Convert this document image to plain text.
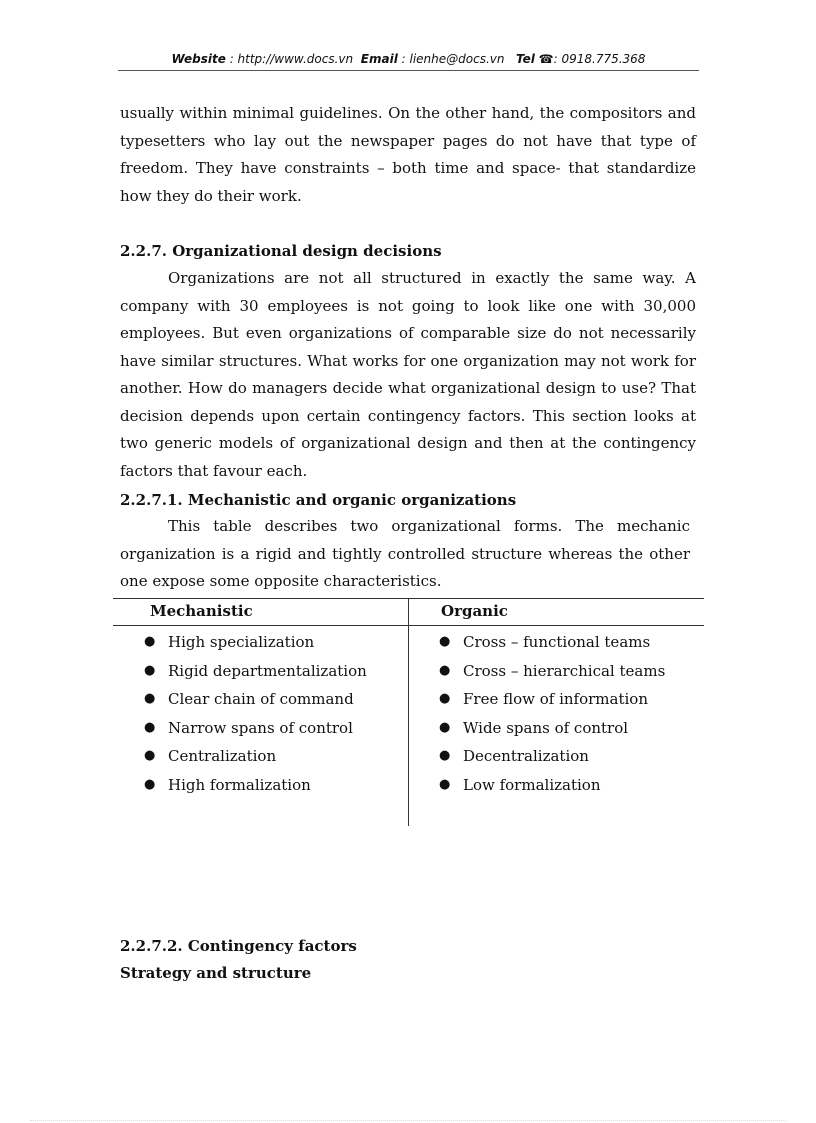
Website : http://www.docs.vn Email : lienhe@docs.vn Tel ☎: 0918.775.368
usually within minimal guidelines. On the other hand, the compositors and typesetters who lay out the newspaper pages do not have that type of freedom. They have constraints – both time and space- that standardize how they do their work.
2.2.7. Organizational design decisions
Organizations are not all structured in exactly the same way. A company with 30 employees is not going to look like one with 30,000 employees. But even organizations of comparable size do not necessarily have similar structures. What works for one organization may not work for another. How do managers decide what organizational design to use? That decision depends upon certain contingency factors. This section looks at two generic models of organizational design and then at the contingency factors that favour each.
2.2.7.1. Mechanistic and organic organizations
This table describes two organizational forms. The mechanic organization is a rigid and tightly controlled structure whereas the other one expose some opposite characteristics.
Mechanistic	Organic
● High specialization
● Rigid departmentalization
● Clear chain of command
● Narrow spans of control
● Centralization
● High formalization
● Cross – functional teams
● Cross – hierarchical teams
● Free flow of information
● Wide spans of control
● Decentralization
● Low formalization
2.2.7.2. Contingency factors
Strategy and structure
